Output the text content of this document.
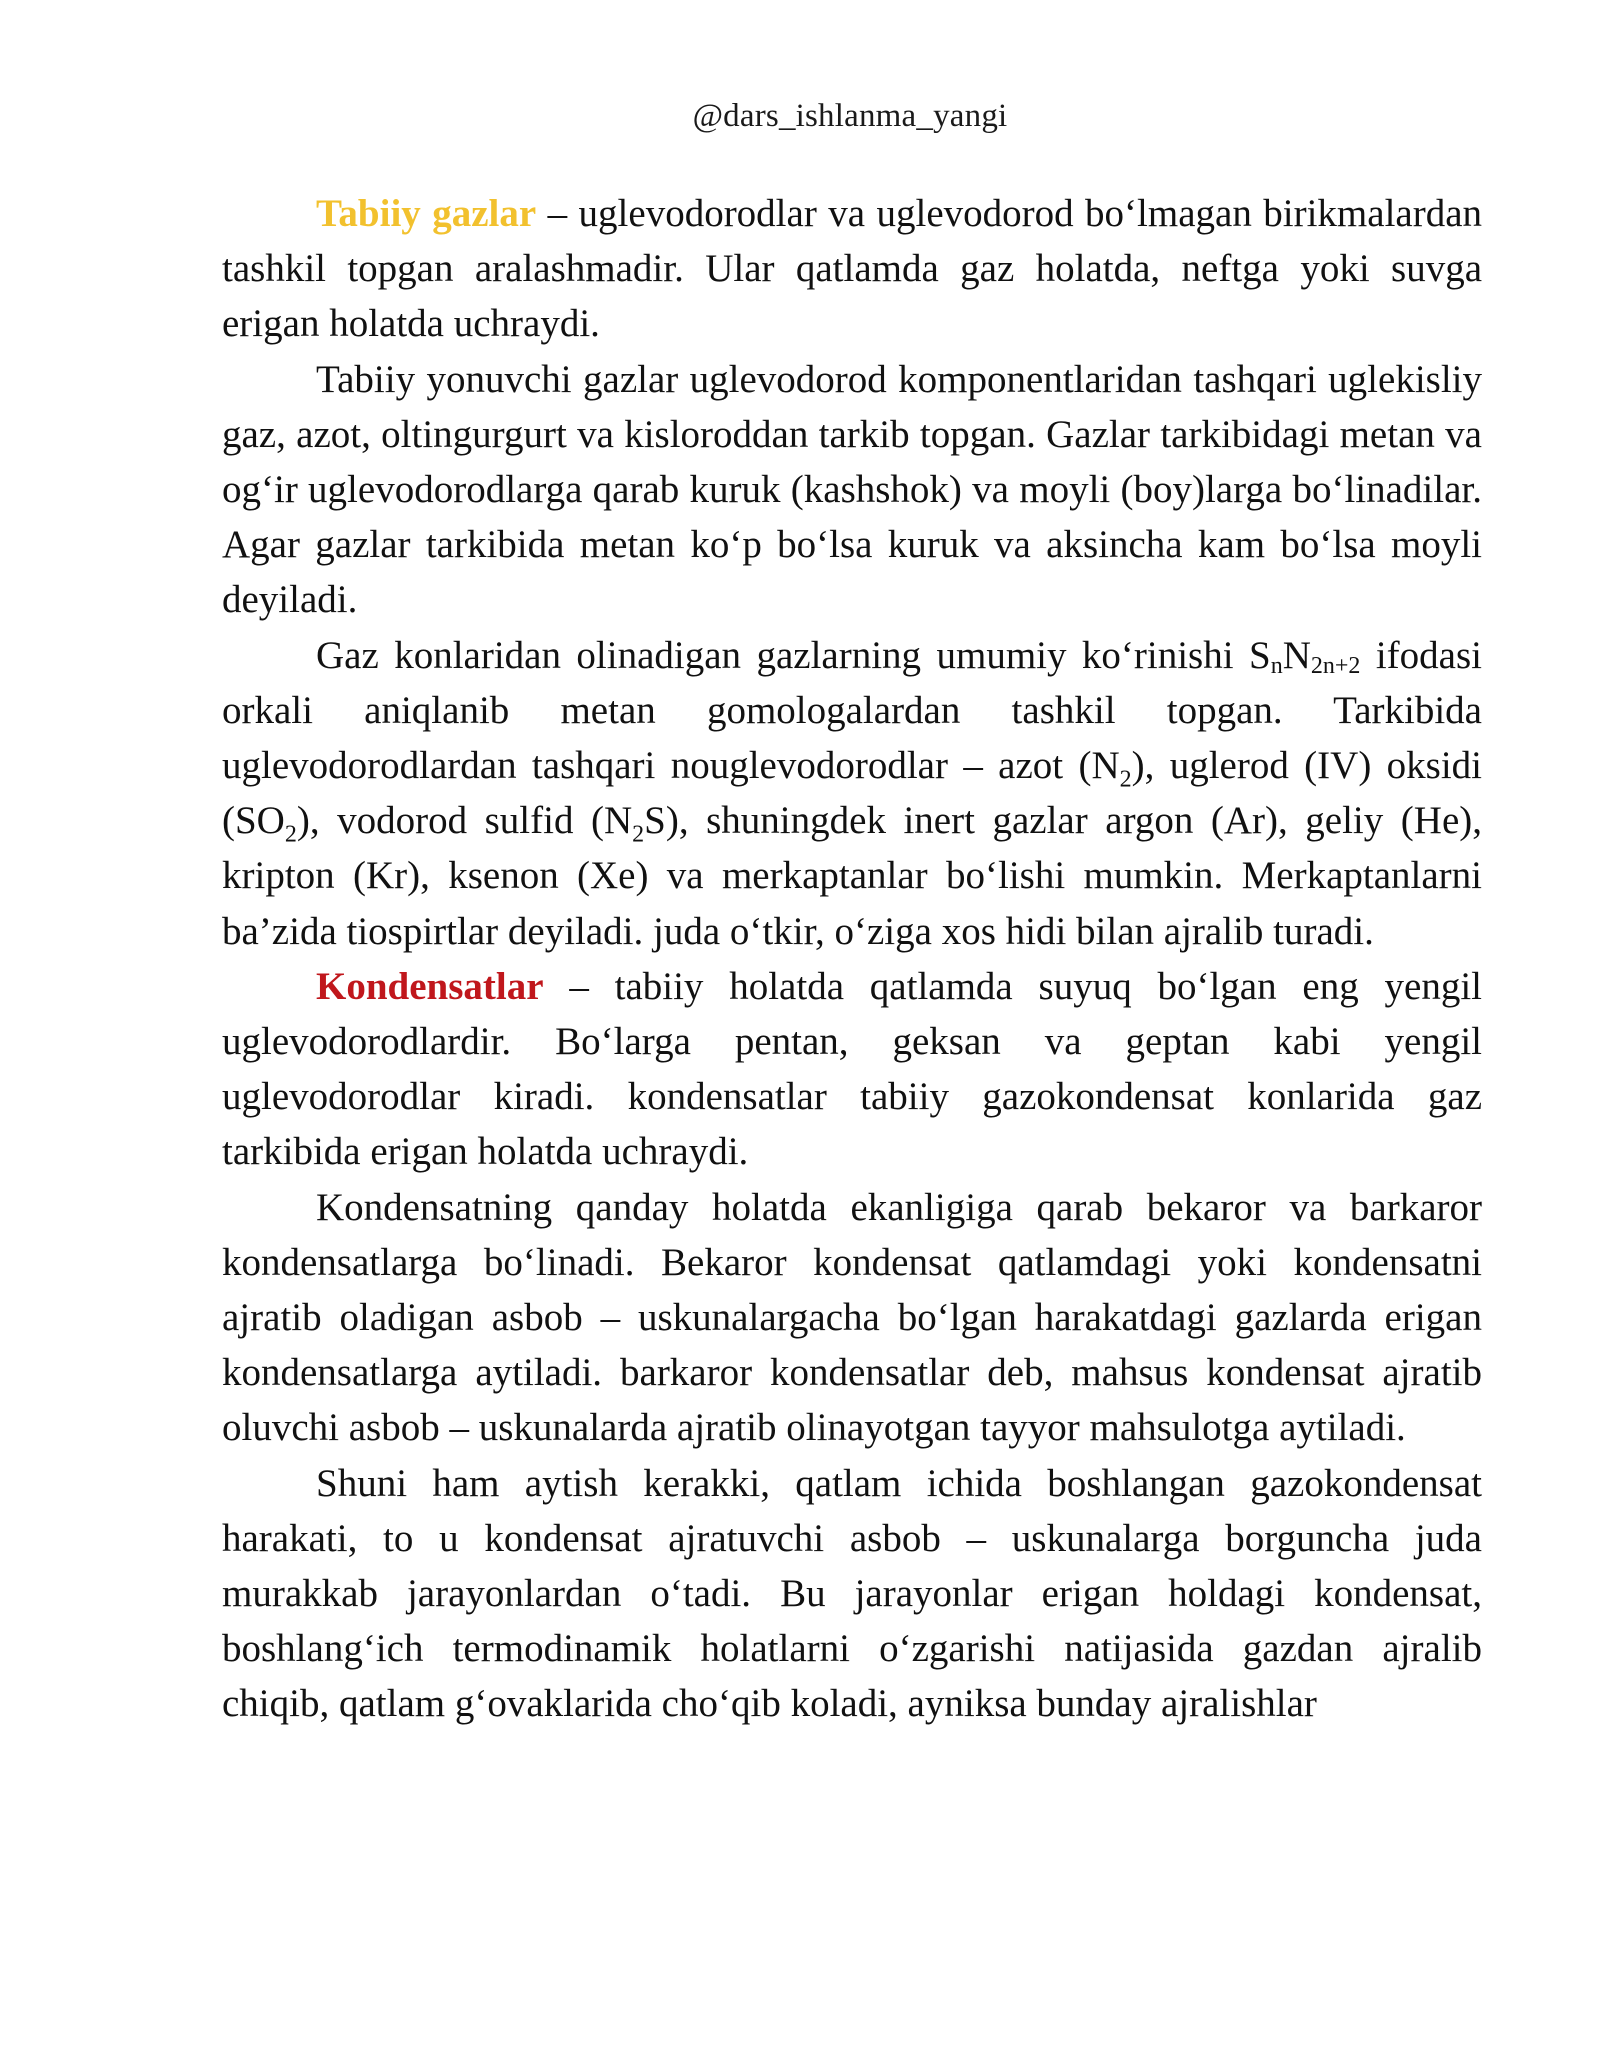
@dars_ishlanma_yangi

Tabiiy gazlar – uglevodorodlar va uglevodorod bo‘lmagan birikmalardan tashkil topgan aralashmadir. Ular qatlamda gaz holatda, neftga yoki suvga erigan holatda uchraydi.

Tabiiy yonuvchi gazlar uglevodorod komponentlaridan tashqari uglekisliy gaz, azot, oltingurgurt va kisloroddan tarkib topgan. Gazlar tarkibidagi metan va og‘ir uglevodorodlarga qarab kuruk (kashshok) va moyli (boy)larga bo‘linadilar. Agar gazlar tarkibida metan ko‘p bo‘lsa kuruk va aksincha kam bo‘lsa moyli deyiladi.

Gaz konlaridan olinadigan gazlarning umumiy ko‘rinishi SnN2n+2 ifodasi orkali aniqlanib metan gomologalardan tashkil topgan. Tarkibida uglevodorodlardan tashqari nouglevodorodlar – azot $(N_2)$, uglerod (IV) oksidi $(SO_2)$, vodorod sulfid $(N_2S)$, shuningdek inert gazlar argon (Ar), geliy (He), kripton (Kr), ksenon (Xe) va merkaptanlar bo‘lishi mumkin. Merkaptanlarni ba’zida tiospirtlar deyiladi. juda o‘tkir, o‘ziga xos hidi bilan ajralib turadi.

Kondensatlar – tabiiy holatda qatlamda suyuq bo‘lgan eng yengil uglevodorodlardir. Bo‘larga pentan, geksan va geptan kabi yengil uglevodorodlar kiradi. kondensatlar tabiiy gazokondensat konlarida gaz tarkibida erigan holatda uchraydi.

Kondensatning qanday holatda ekanligiga qarab bekaror va barkaror kondensatlarga bo‘linadi. Bekaror kondensat qatlamdagi yoki kondensatni ajratib oladigan asbob – uskunalargacha bo‘lgan harakatdagi gazlarda erigan kondensatlarga aytiladi. barkaror kondensatlar deb, mahsus kondensat ajratib oluvchi asbob – uskunalarda ajratib olinayotgan tayyor mahsulotga aytiladi.

Shuni ham aytish kerakki, qatlam ichida boshlangan gazokondensat harakati, to u kondensat ajratuvchi asbob – uskunalarga borguncha juda murakkab jarayonlardan o‘tadi. Bu jarayonlar erigan holdagi kondensat, boshlang‘ich termodinamik holatlarni o‘zgarishi natijasida gazdan ajralib chiqib, qatlam g‘ovaklarida cho‘qib koladi, ayniksa bunday ajralishlar
